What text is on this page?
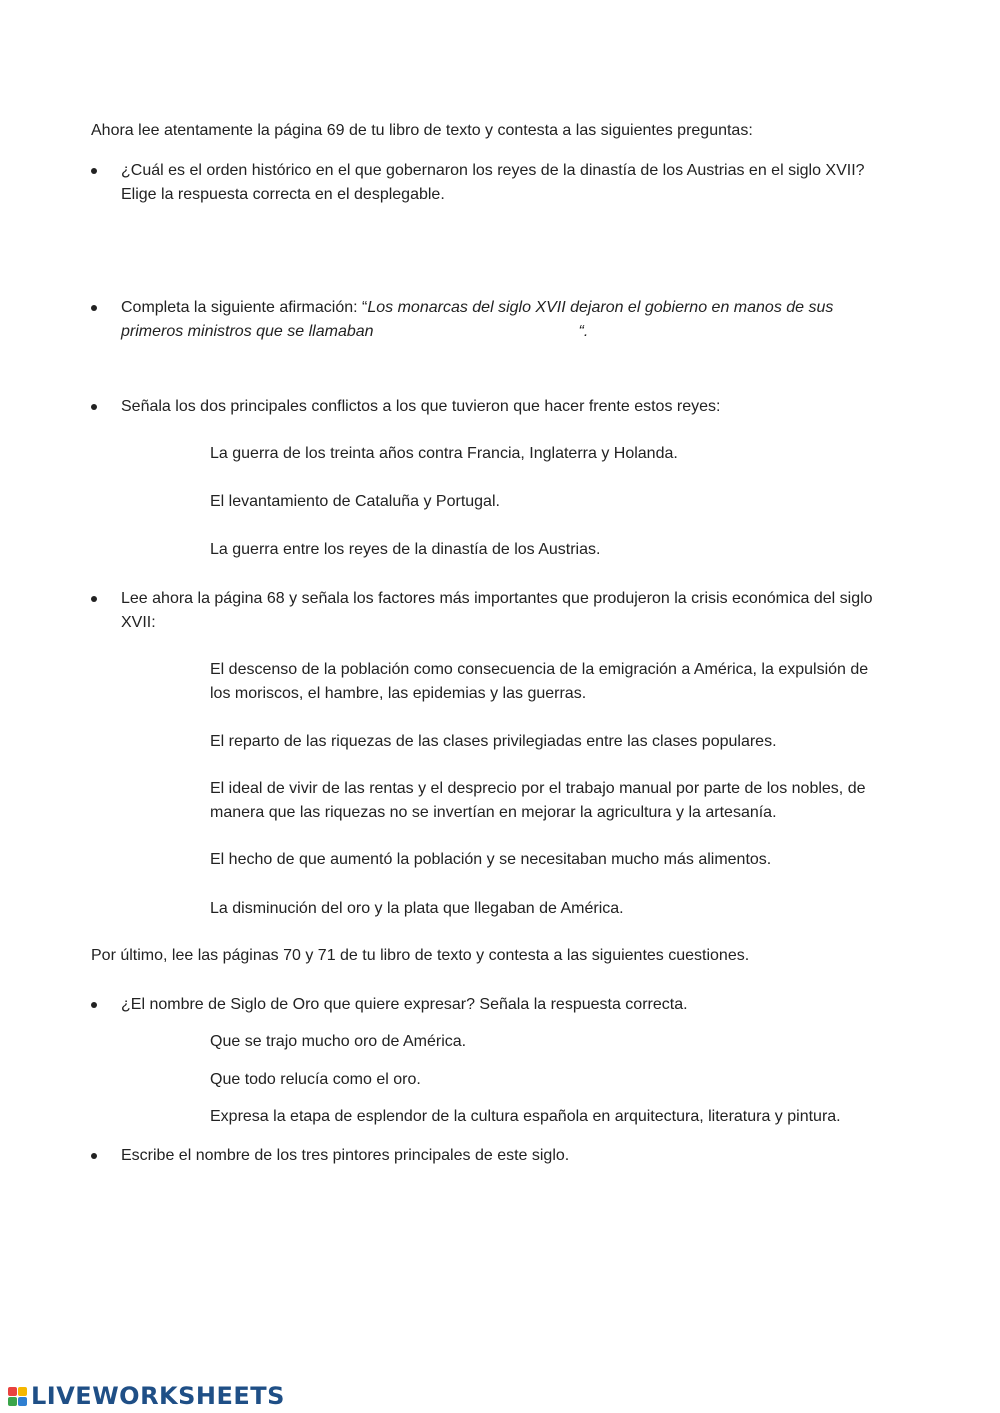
Ahora lee atentamente la página 69 de tu libro de texto y contesta a las siguientes preguntas:
¿Cuál es el orden histórico en el que gobernaron los reyes de la dinastía de los Austrias en el siglo XVII?
Elige la respuesta correcta en el desplegable.
Completa la siguiente afirmación: “Los monarcas del siglo XVII dejaron el gobierno en manos de sus
primeros ministros que se llamaban	“.
Señala los dos principales conflictos a los que tuvieron que hacer frente estos reyes:
La guerra de los treinta años contra Francia, Inglaterra y Holanda.
El levantamiento de Cataluña y Portugal.
La guerra entre los reyes de la dinastía de los Austrias.
Lee ahora la página 68 y señala los factores más importantes que produjeron la crisis económica del siglo
XVII:
El descenso de la población como consecuencia de la emigración a América, la expulsión de
los moriscos, el hambre, las epidemias y las guerras.
El reparto de las riquezas de las clases privilegiadas entre las clases populares.
El ideal de vivir de las rentas y el desprecio por el trabajo manual por parte de los nobles, de
manera que las riquezas no se invertían en mejorar la agricultura y la artesanía.
El hecho de que aumentó la población y se necesitaban mucho más alimentos.
La disminución del oro y la plata que llegaban de América.
Por último, lee las páginas 70 y 71 de tu libro de texto y contesta a las siguientes cuestiones.
¿El nombre de Siglo de Oro que quiere expresar? Señala la respuesta correcta.
Que se trajo mucho oro de América.
Que todo relucía como el oro.
Expresa la etapa de esplendor de la cultura española en arquitectura, literatura y pintura.
Escribe el nombre de los tres pintores principales de este siglo.
LIVEWORKSHEETS
